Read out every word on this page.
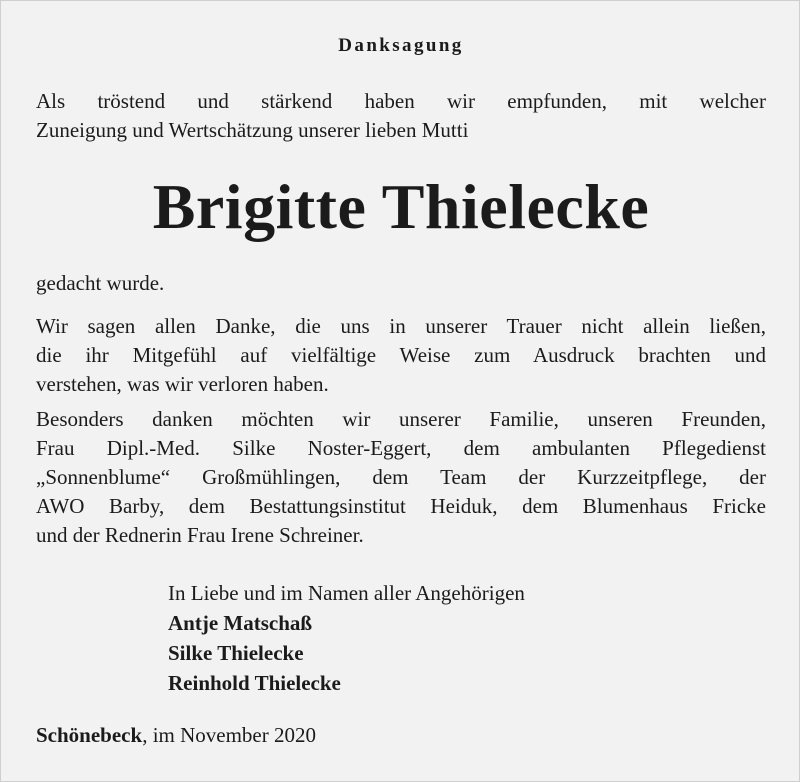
Danksagung
Als tröstend und stärkend haben wir empfunden, mit welcher
Zuneigung und Wertschätzung unserer lieben Mutti
Brigitte Thielecke
gedacht wurde.
Wir sagen allen Danke, die uns in unserer Trauer nicht allein ließen,
die ihr Mitgefühl auf vielfältige Weise zum Ausdruck brachten und
verstehen, was wir verloren haben.
Besonders danken möchten wir unserer Familie, unseren Freunden,
Frau Dipl.-Med. Silke Noster-Eggert, dem ambulanten Pflegedienst
„Sonnenblume“ Großmühlingen, dem Team der Kurzzeitpflege, der
AWO Barby, dem Bestattungsinstitut Heiduk, dem Blumenhaus Fricke
und der Rednerin Frau Irene Schreiner.
In Liebe und im Namen aller Angehörigen
Antje Matschaß
Silke Thielecke
Reinhold Thielecke
Schönebeck, im November 2020
